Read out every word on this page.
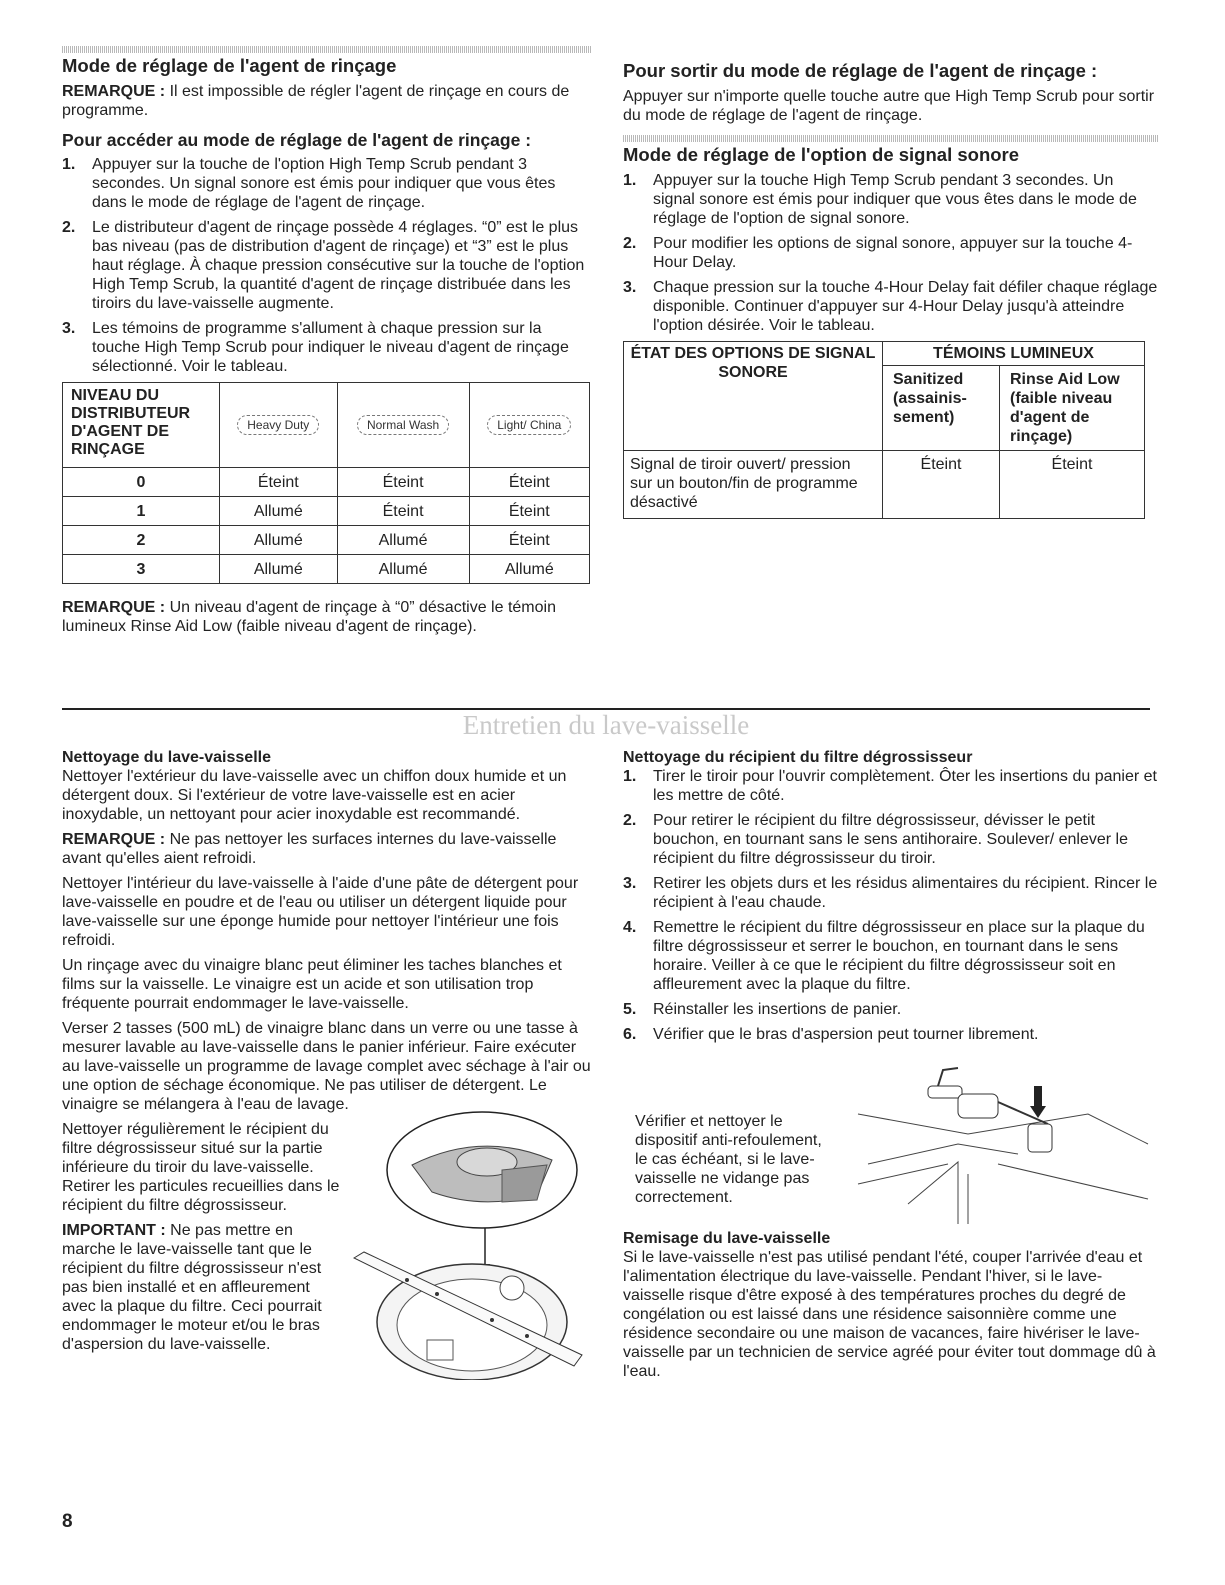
Mode de réglage de l'agent de rinçage

REMARQUE : Il est impossible de régler l'agent de rinçage en cours de programme.

Pour accéder au mode de réglage de l'agent de rinçage :
1. Appuyer sur la touche de l'option High Temp Scrub pendant 3 secondes. Un signal sonore est émis pour indiquer que vous êtes dans le mode de réglage de l'agent de rinçage.
2. Le distributeur d'agent de rinçage possède 4 réglages. “0” est le plus bas niveau (pas de distribution d'agent de rinçage) et “3” est le plus haut réglage. À chaque pression consécutive sur la touche de l'option High Temp Scrub, la quantité d'agent de rinçage distribuée dans les tiroirs du lave-vaisselle augmente.
3. Les témoins de programme s'allument à chaque pression sur la touche High Temp Scrub pour indiquer le niveau d'agent de rinçage sélectionné. Voir le tableau.
NIVEAU DU DISTRIBUTEUR D'AGENT DE RINÇAGE	Heavy Duty	Normal Wash	Light/ China
0	Éteint	Éteint	Éteint
1	Allumé	Éteint	Éteint
2	Allumé	Allumé	Éteint
3	Allumé	Allumé	Allumé

REMARQUE : Un niveau d'agent de rinçage à “0” désactive le témoin lumineux Rinse Aid Low (faible niveau d'agent de rinçage).

Pour sortir du mode de réglage de l'agent de rinçage :

Appuyer sur n'importe quelle touche autre que High Temp Scrub pour sortir du mode de réglage de l'agent de rinçage.

Mode de réglage de l'option de signal sonore
1. Appuyer sur la touche High Temp Scrub pendant 3 secondes. Un signal sonore est émis pour indiquer que vous êtes dans le mode de réglage de l'option de signal sonore.
2. Pour modifier les options de signal sonore, appuyer sur la touche 4-Hour Delay.
3. Chaque pression sur la touche 4-Hour Delay fait défiler chaque réglage disponible. Continuer d'appuyer sur 4-Hour Delay jusqu'à atteindre l'option désirée. Voir le tableau.
ÉTAT DES OPTIONS DE SIGNAL SONORE	TÉMOINS LUMINEUX	
	Sanitized (assainis-sement)	Rinse Aid Low (faible niveau d'agent de rinçage)
Signal de tiroir ouvert/ pression sur un bouton/fin de programme désactivé	Éteint	Éteint
Entretien du lave-vaisselle
Nettoyage du lave-vaisselle

Nettoyer l'extérieur du lave-vaisselle avec un chiffon doux humide et un détergent doux. Si l'extérieur de votre lave-vaisselle est en acier inoxydable, un nettoyant pour acier inoxydable est recommandé.

REMARQUE : Ne pas nettoyer les surfaces internes du lave-vaisselle avant qu'elles aient refroidi.

Nettoyer l'intérieur du lave-vaisselle à l'aide d'une pâte de détergent pour lave-vaisselle en poudre et de l'eau ou utiliser un détergent liquide pour lave-vaisselle sur une éponge humide pour nettoyer l'intérieur une fois refroidi.

Un rinçage avec du vinaigre blanc peut éliminer les taches blanches et films sur la vaisselle. Le vinaigre est un acide et son utilisation trop fréquente pourrait endommager le lave-vaisselle.

Verser 2 tasses (500 mL) de vinaigre blanc dans un verre ou une tasse à mesurer lavable au lave-vaisselle dans le panier inférieur. Faire exécuter au lave-vaisselle un programme de lavage complet avec séchage à l'air ou une option de séchage économique. Ne pas utiliser de détergent. Le vinaigre se mélangera à l'eau de lavage.

Nettoyer régulièrement le récipient du filtre dégrossisseur situé sur la partie inférieure du tiroir du lave-vaisselle. Retirer les particules recueillies dans le récipient du filtre dégrossisseur.

IMPORTANT : Ne pas mettre en marche le lave-vaisselle tant que le récipient du filtre dégrossisseur n'est pas bien installé et en affleurement avec la plaque du filtre. Ceci pourrait endommager le moteur et/ou le bras d'aspersion du lave-vaisselle.

Nettoyage du récipient du filtre dégrossisseur
1. Tirer le tiroir pour l'ouvrir complètement. Ôter les insertions du panier et les mettre de côté.
2. Pour retirer le récipient du filtre dégrossisseur, dévisser le petit bouchon, en tournant sans le sens antihoraire. Soulever/ enlever le récipient du filtre dégrossisseur du tiroir.
3. Retirer les objets durs et les résidus alimentaires du récipient. Rincer le récipient à l'eau chaude.
4. Remettre le récipient du filtre dégrossisseur en place sur la plaque du filtre dégrossisseur et serrer le bouchon, en tournant dans le sens horaire. Veiller à ce que le récipient du filtre dégrossisseur soit en affleurement avec la plaque du filtre.
5. Réinstaller les insertions de panier.
6. Vérifier que le bras d'aspersion peut tourner librement.

Vérifier et nettoyer le dispositif anti-refoulement, le cas échéant, si le lave-vaisselle ne vidange pas correctement.

Remisage du lave-vaisselle

Si le lave-vaisselle n'est pas utilisé pendant l'été, couper l'arrivée d'eau et l'alimentation électrique du lave-vaisselle. Pendant l'hiver, si le lave-vaisselle risque d'être exposé à des températures proches du degré de congélation ou est laissé dans une résidence saisonnière comme une résidence secondaire ou une maison de vacances, faire hivériser le lave-vaisselle par un technicien de service agréé pour éviter tout dommage dû à l'eau.

8
